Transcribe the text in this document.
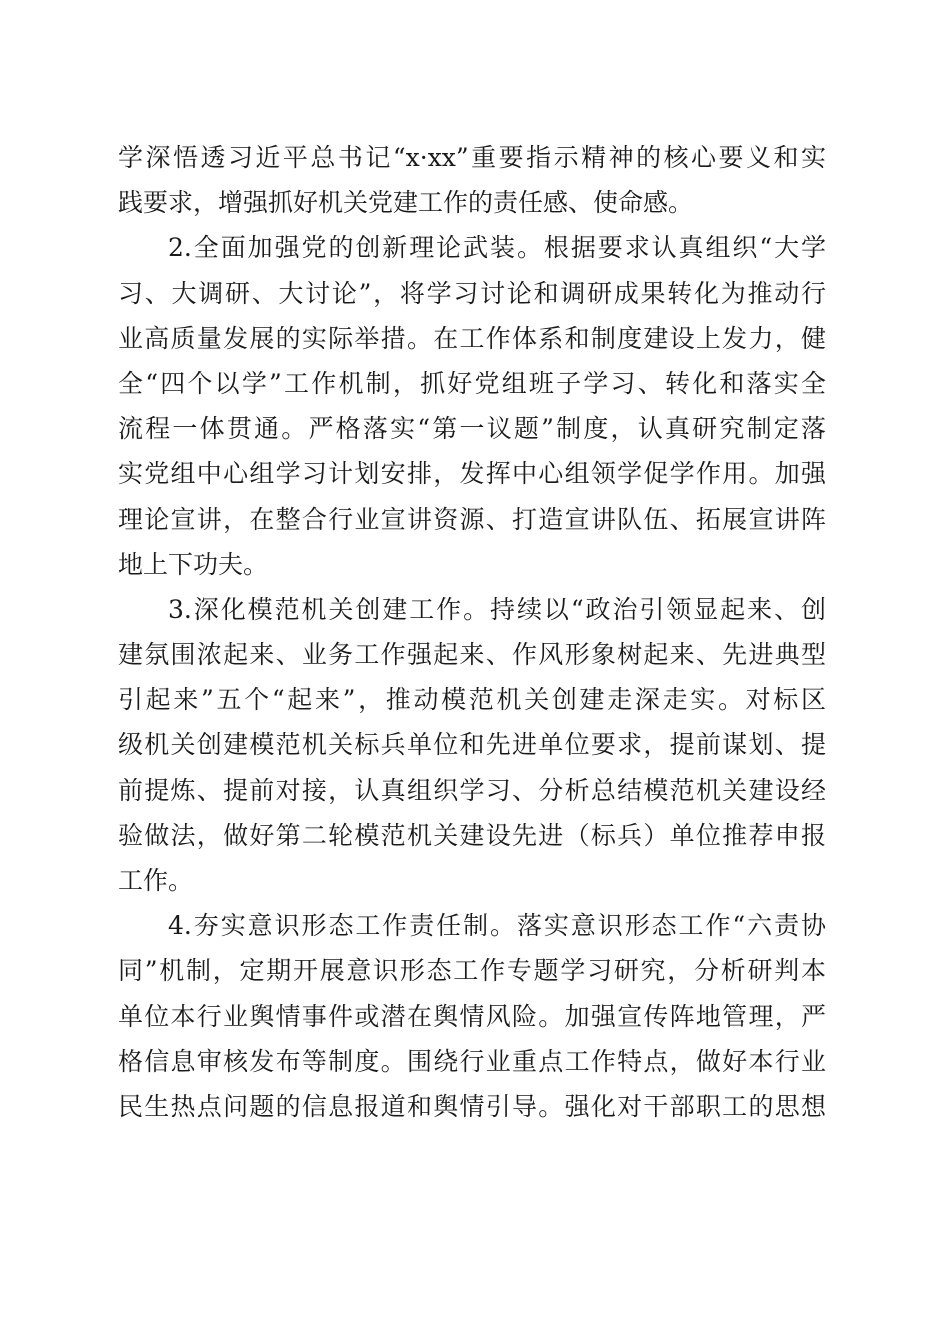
学深悟透习近平总书记“x·xx”重要指示精神的核心要义和实
践要求，增强抓好机关党建工作的责任感、使命感。
2.全面加强党的创新理论武装。根据要求认真组织“大学
习、大调研、大讨论”，将学习讨论和调研成果转化为推动行
业高质量发展的实际举措。在工作体系和制度建设上发力，健
全“四个以学”工作机制，抓好党组班子学习、转化和落实全
流程一体贯通。严格落实“第一议题”制度，认真研究制定落
实党组中心组学习计划安排，发挥中心组领学促学作用。加强
理论宣讲，在整合行业宣讲资源、打造宣讲队伍、拓展宣讲阵
地上下功夫。
3.深化模范机关创建工作。持续以“政治引领显起来、创
建氛围浓起来、业务工作强起来、作风形象树起来、先进典型
引起来”五个“起来”，推动模范机关创建走深走实。对标区
级机关创建模范机关标兵单位和先进单位要求，提前谋划、提
前提炼、提前对接，认真组织学习、分析总结模范机关建设经
验做法，做好第二轮模范机关建设先进（标兵）单位推荐申报
工作。
4.夯实意识形态工作责任制。落实意识形态工作“六责协
同”机制，定期开展意识形态工作专题学习研究，分析研判本
单位本行业舆情事件或潜在舆情风险。加强宣传阵地管理，严
格信息审核发布等制度。围绕行业重点工作特点，做好本行业
民生热点问题的信息报道和舆情引导。强化对干部职工的思想
